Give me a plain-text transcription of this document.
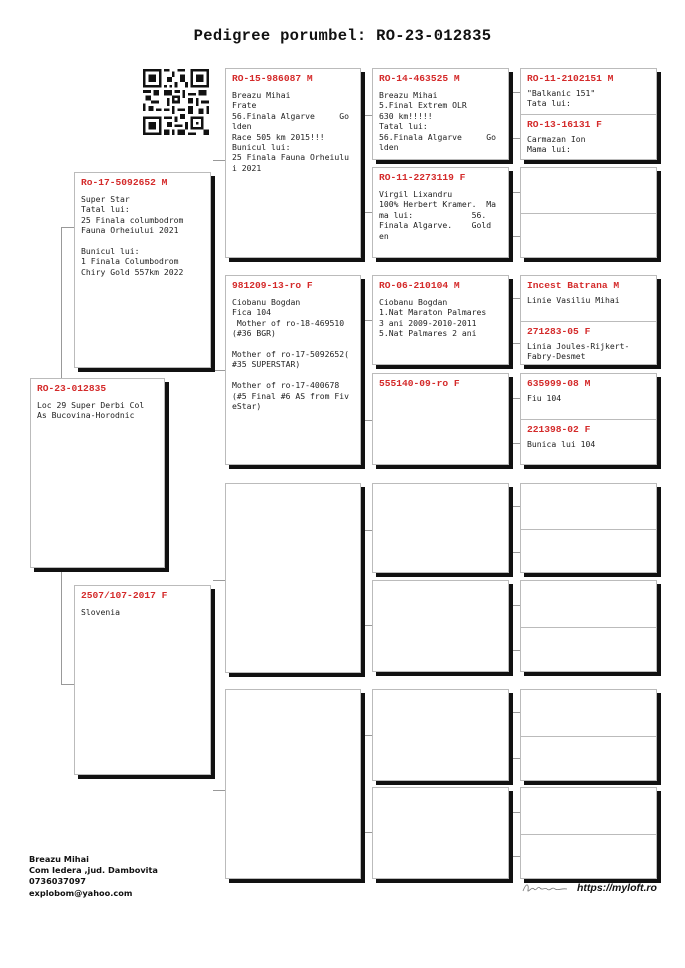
Pedigree porumbel: RO-23-012835
RO-23-012835
Loc 29 Super Derbi Col
As Bucovina-Horodnic
Ro-17-5092652 M
Super Star
Tatal lui:
25 Finala columbodrom
Fauna Orheiului 2021

Bunicul lui:
1 Finala Columbodrom
Chiry Gold 557km 2022
2507/107-2017 F
Slovenia
RO-15-986087 M
Breazu Mihai
Frate
56.Finala Algarve     Go
lden
Race 505 km 2015!!!
Bunicul lui:
25 Finala Fauna Orheiulu
i 2021
981209-13-ro F
Ciobanu Bogdan
Fica 104
Mother of ro-18-469510
(#36 BGR)

Mother of ro-17-5092652(
#35 SUPERSTAR)

Mother of ro-17-400678
(#5 Final #6 AS from Fiv
eStar)
RO-14-463525 M
Breazu Mihai
5.Final Extrem OLR
630 km!!!!!
Tatal lui:
56.Finala Algarve     Go
lden
RO-11-2273119 F
Virgil Lixandru
100% Herbert Kramer.  Ma
ma lui:            56.
Finala Algarve.    Gold
en
RO-06-210104 M
Ciobanu Bogdan
1.Nat Maraton Palmares
3 ani 2009-2010-2011
5.Nat Palmares 2 ani
555140-09-ro F
RO-11-2102151 M
"Balkanic 151"
Tata lui:
RO-13-16131 F
Carmazan Ion
Mama lui:
Incest Batrana M
Linie Vasiliu Mihai
271283-05 F
Linia Joules-Rijkert-
Fabry-Desmet
635999-08 M
Fiu 104
221398-02 F
Bunica lui 104
Breazu Mihai
Com Iedera ,jud. Dambovita
0736037097
explobom@yahoo.com	https://myloft.ro
